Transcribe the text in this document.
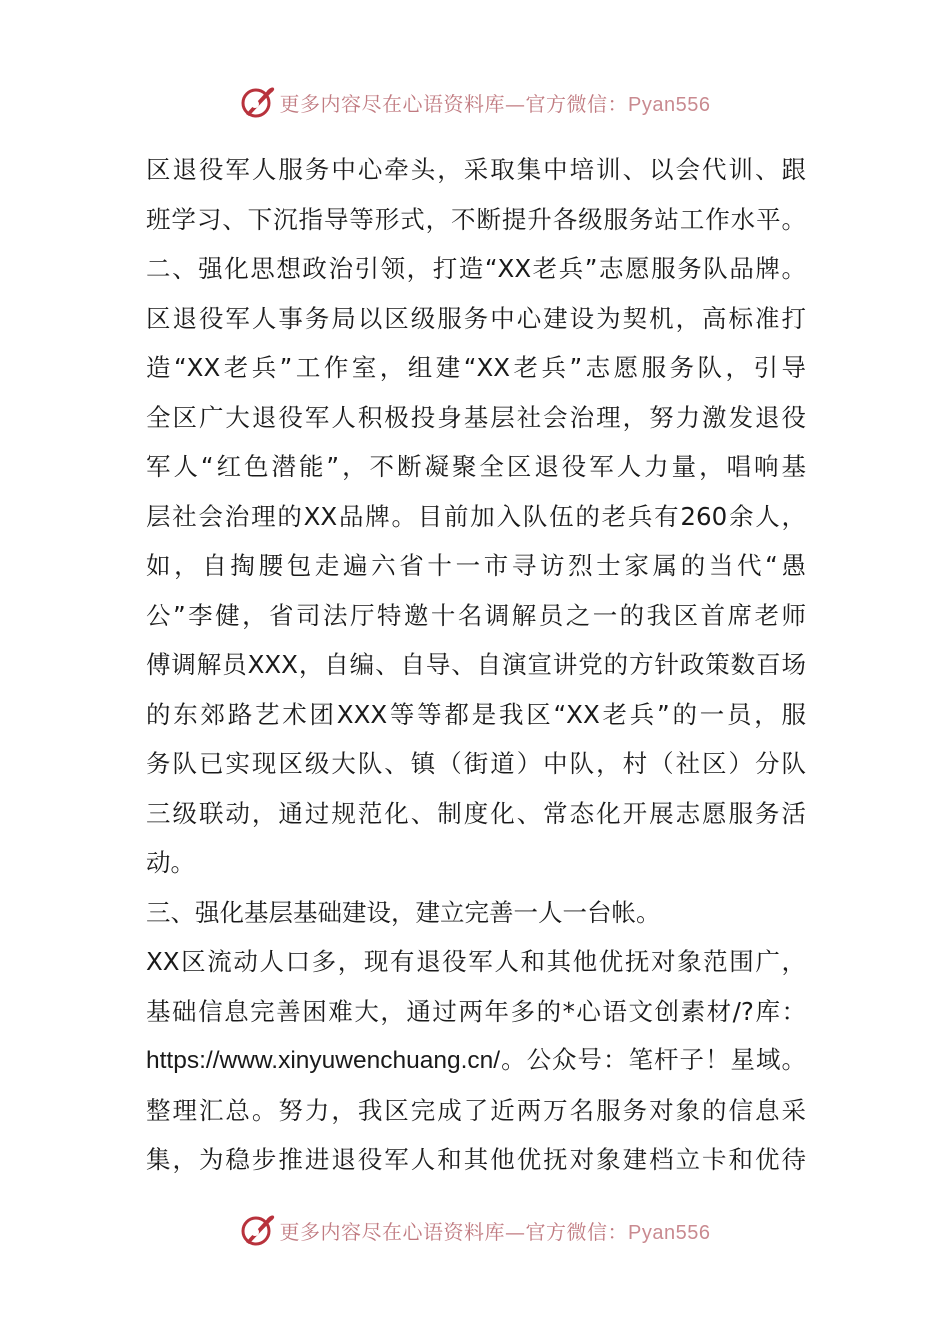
更多内容尽在心语资料库—官方微信：Pyan556
区退役军人服务中心牵头，采取集中培训、以会代训、跟
班学习、下沉指导等形式，不断提升各级服务站工作水平。
二、强化思想政治引领，打造“XX老兵”志愿服务队品牌。
区退役军人事务局以区级服务中心建设为契机，高标准打
造“XX老兵”工作室，组建“XX老兵”志愿服务队，引导
全区广大退役军人积极投身基层社会治理，努力激发退役
军人“红色潜能”，不断凝聚全区退役军人力量，唱响基
层社会治理的XX品牌。目前加入队伍的老兵有260余人，
如，自掏腰包走遍六省十一市寻访烈士家属的当代“愚
公”李健，省司法厅特邀十名调解员之一的我区首席老师
傅调解员XXX，自编、自导、自演宣讲党的方针政策数百场
的东郊路艺术团XXX等等都是我区“XX老兵”的一员，服
务队已实现区级大队、镇（街道）中队，村（社区）分队
三级联动，通过规范化、制度化、常态化开展志愿服务活
动。
三、强化基层基础建设，建立完善一人一台帐。
XX区流动人口多，现有退役军人和其他优抚对象范围广，
基础信息完善困难大，通过两年多的*心语文创素材/?库：
https://www.xinyuwenchuang.cn/。公众号：笔杆子！星域。
整理汇总。努力，我区完成了近两万名服务对象的信息采
集，为稳步推进退役军人和其他优抚对象建档立卡和优待
更多内容尽在心语资料库—官方微信：Pyan556
